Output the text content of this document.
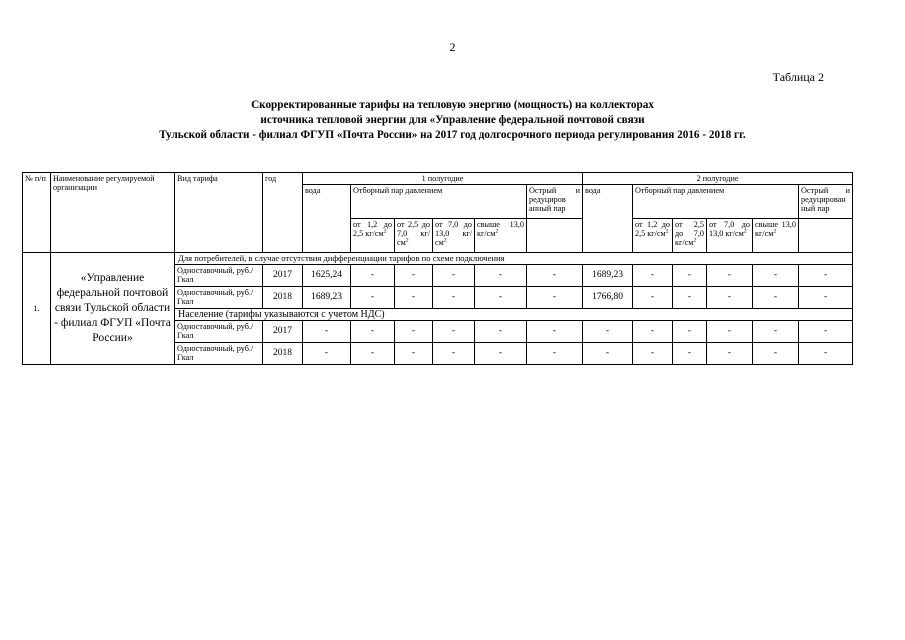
2
Таблица 2
Скорректированные тарифы на тепловую энергию (мощность) на коллекторах
источника тепловой энергии для «Управление федеральной почтовой связи
Тульской области - филиал ФГУП «Почта России» на 2017 год долгосрочного периода регулирования 2016 - 2018 гг.
№ п/п	Наименование регулируемой организации	Вид тарифа	год	1 полугодие						2 полугодие					
				вода	Отборный пар давлением				Острый и редуциров анный пар	вода	Отборный пар давлением				Острый и редуцирован ный пар
					от 1,2 до 2,5 $кг/см^2$	от 2,5 до 7,0 $кг/см^2$	от 7,0 до 13,0 $кг/см^2$	свыше 13,0 $кг/см^2$			от 1,2 до 2,5 $кг/см^2$	от 2,5 до 7,0 $кг/см^2$	от 7,0 до 13,0 $кг/см^2$	свыше 13,0 $кг/см^2$	
1.	«Управление федеральной почтовой связи Тульской области - филиал ФГУП «Почта России»	Для потребителей, в случае отсутствия дифференциации тарифов по схеме подключения													
		Одноставочный, руб./Гкал	2017	1625,24	-	-	-	-	-	1689,23	-	-	-	-	-
		Одноставочный, руб./Гкал	2018	1689,23	-	-	-	-	-	1766,80	-	-	-	-	-
		Население (тарифы указываются с учетом НДС)													
		Одноставочный, руб./Гкал	2017	-	-	-	-	-	-	-	-	-	-	-	-
		Одноставочный, руб./Гкал	2018	-	-	-	-	-	-	-	-	-	-	-	-
